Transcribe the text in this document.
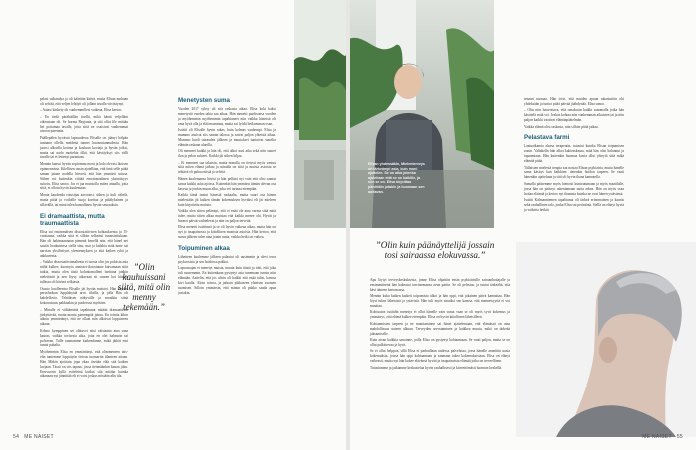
pelasi saibandya ja oli kääriäin käävä, mutta Elisan mokaan oli selvää, että veljen lehtiyö oli jollain tavalla viivästynyt.

– Aaiast käskety oli vanhemmillesi vaikeaa, Elisa kertoo.

– En tiedä pärähäillän itsellä, mikä häntä veljelläni oikeastaan oli. Se horma Bayjanta, ja sitä ollut lile mitään hei poitamaa tavalle, jotta siitä ne osaisivat vanhemmat aivoon parennin.

Päällepälen hyvässä lapsuudessa Elisalle on jäänyt hälpän tuntuma ollella meidenä tunnet huonontunnudesta. Hän jaoosi alkoalla kotona ja kouluun koviaja ja hyvän joiksi, mutta sai uudo mottehta ölkä, että kävtäyksyi siis välli tavalle tai ei lettenyt parantam.

Mennin kanssi hyvän sopivannu moni ja kolo olevasi ikoisen opinnonnissa. Kilellisen uusin ajatelläan, että ömä selle pitää saman jatane nodella hirsveä, että hän ymmärti sotusa. Siihen voi kuitenkin viittää emotionaalinen yksinäisyys suitoin, Elisa sanoo. Jos ei jaa muistolla miten annalla, jotta siitä, ei olloin hyvin kuulemaan.

Monta kaudenda rotusijuu aavoonsi, siihen ja kuli vähelä, mutta pitää ja voiloille suoja koettua ja pälälyksinen ja sillävällä, tai minä tulen kansallinen hyvän seurauksia.

Ei dramaattista, mutta traumaattista

Elisa sai ensimmäisen dissosiatiivisen kohtauksensa ja 15-vuotiaana, vaikka siitä ei silloin selkeästi tunnistettukaan. Hän oli hakimaaunaan piennnä kenellä niin, että hänel nei saattis houkutrinsa siellä sinu, mar ja kaikkia mitä tunte sai narvian yksilivityns yleenennyksen ja että kaiken ryhä ja ankkurensa.

– Vaikka dissosiatiivinnalienia ei tuosta olin jos poloista asia niiltä kulkee, kuomyös annisset-ikoosianne kaivamaan siitä tutkia, mutta olen tästä koluntomalleni luettuna jonkin nielettäsiä ja nen löysy aikavaan sit suuren koi hiirsen tullassa oli kävinä selkiasta.

Osasto kuolleenisa Elisalle jäi hyvän muistot. Hän käydän perusluokan Jupplahytää arvo tiloilla, ja jolla Hän oli kahdellovia. Tehtäksen näkyvälle ja monikin siinä kokonaisuus pakkaakin ja puoleessa myötäen.

– Minulle ei välttämättä tapahtunut mitään dramaattisen järkyttävää, mutta monta pienempää juttua. En toimia kikin aikoin ymmärtänyt, että ne ollaat niin alkoivat loppuiseen aikaan.

Kolmo kymppinen sei olätuvet niisi väistantia aina sana kauras, vaikka tovisesta aika, jotta en olet hahmoin tai polvavan. Tulle raantamme kaikendanne, mikä jäikät emi tuntui pahalta.

Myöhemmin Elisa en ymmärtänyt, että olimmeneen tais- elin tuntemme lopputyön tietous tuomariin tilanteen aitaan. Hän Mäkin ajoittain jopa ekaa itseään elää sitä kaiken luojaan. Tässä on siis tapaus, jossa tietenäänkin kauan joku. Ensivuorin kyllä esiteleinä kutkut sitä mitään kuinka aikanaan nyt jännittää eli ei voisi joskus mistään alin tila.

”Olin kauhuissani siitä, mitä olin menny tekemään.”
Menetysten suma

Vuoden 2017 syksy oli sitä raskasta aikaa. Elisa koki kaksi menetystä vuoden takia saa aikaa. Hän menetti puolisonsa vuoden ja myöhemmin myöhemmin tapahtuneet niin vaikka hänessä oli oma hyvä olla ja elää mummua, mutta sai lyödä heikomman osan.

Isoäiti oli Elisalle hyvin rakas, kuin kolmas vanhempi. Elisa ja mummo asuivat siis saman talossa ja saivat paljon yhteistä aikaa. Mummo kuoli sairauden jälkeen ja muutokset tuntuivat suurilta elämän raskaan alueilla.

Oli menneet kaikki ja hän oli, että alkoi uusi aika sekä niin suuret ilon ja pelon suhteet. Kaikki jäi siihen hiljaa.

– Ei menneet saa takaisin, mutta minulla on tietysti myös vastuu siitä miten elämä jatkuu ja minulla on siitä ja muista asioista se tehtävä eli puhua niistä ja selvitä.

Hänen kuolemansa hävisi ja hän pelkäsi nyt vain että olisi saanut sanoa kaikki asiat ajoissa. Kuitenkin hän ymmärsi tämän olevan osa kasvua ja jonkin muun alku, joka vei tarinaa eteenpäin.

Kaikki tämä tuntui hänestä raskaalta, mutta suuri osa hänen mielestään jäi kaiken tämän kokemuksen hyväksi eli jäi mieleen kuin kirjoitettu muistio.

Vaikka olen sitten pelännyt, että ei enää ole aina varma siitä mitä tulee, mutta sitten alkaa muistaa että kaikki menee ohi. Hyvät ja huonot päivät vaihtelevat ja niin on paljon tervettä.

Elisa menetti isoäitinsä ja se oli hyvin vaikeaa aikaa, mutta hän on nyt jo tasapainossa ja kiitollinen monista asioista. Hän kertoo, että surun jälkeen tulee aina jotain uutta, vaikka hetki on vaikea.

Toipuminen alkaa

Lähetteen kuulemme jälkeen palautui oli uusimmin ja olevi terra psykoosista ja sen hoidossa pakkoi.

Lapsuusajan ei menetyt muista, muuta kuin itästä ja toki, että joka tuli suuremmin. En kuitenkaan pystynyt asia tunemaan tunsin niin elämään. Aattelin, että jos olisin oli kaikki että enää tulisi, kanssa kivi kuulla. Aloin toivoa, ja jatkoin pikkuseen yhteisen suomen tuomisen. Silloin ymmärsin, että minun oli pakko saada apua jostakin.

54 ME NAISET
Elisan yhdessäkin, Mielenterveys on tärkeämpi asia, kuin moni ajattelee. Se on aika jotenka ajatellaan että se on kaikille, ja niin se on. Elisa kirjoittaa päivittäin jotakin ja huomaan sen auttavan.

tenaari narraaa. Hän toivi, että muiden apuun rakastuttiin ohi yhdeksään ja tuntoi pitää päivää jäähdyttää. Elisa sanoo.

– Olin niin hauvottava, että omaksuin kaikki sanomalla jotka hän käsittelä mitä voi. Joskus kohtaa niin vanhemman aikaisten tai ja niin paljon kaikki vaativat elämänpäätelmän.

Vaikka elämä olisi raskasta, niin silloin pitää jatkaa.

Pelastava farmi

Laatuaikamia alussa terapeutin, tutustui kuinka Elisan toipumisen zonin. Valtakelln hän alkoi kahteaskmaa, mitä hän olisi halunnut ja tapaamiaan. Hän kuitenkin huomaa kuvia ollut yhteytä siitä mikä elämää pitää.

Tällaisten mielestä terapia saa nostaa Elisan psykiatria, mutta hänelle sama käsitys kun kaikkien: tietenkin hoidon tarpeen. Se vaati hänenkin ajatteluun ja sitä oli hyvin ihana kannatella.

Samalla pääsemme myös hienosti kuntoutumaan ja myös maatilalle, jossa hän on päässyt rakentamaan uutta arkea. Hän on myös osaa hoitaa eläimiä ja kertoo nyt ihanasta kuinka ne ovat hänen ystävänsä.

Isoäiti Kälmanniemen tapahtunut oli tärkeä erinomainen ja kaunis sekä rauhallinen talo, jonka Elisa sai perintönä. Siellä on elänyt hyviä ja vaikeita hetkiä.

”Olin kuin päänäyttelijä jossain tosi sairaassa elokuvassa.”

Apu löytyi terveyskeskuksesta, jonne Elisa ohjattiin ensin psykiatrisille sairaanhoitajalle ja ensimmäisenä hän hakeutui tarvitsemansa avun pariin. Se oli pelastus, ja tuntui tärkeältä, että kävi ääneen kertomassa.

Mennin kuka kaiken kaiketi toipumista alkoi ja hän oppi, että jokainen päivä kannattaa. Hän löysi tukea läheisistä ja ystävistä. Hän tuli myös sinuiksi sen kanssa, että menneisyyttä ei voi muuttaa.

Kohtuuton isoäidin menetys ei ollut hänelle vain surua vaan se oli myös syvä kokemus ja ymmärrys, että elämä kulkee eteenpäin. Elisa on hyvin kiitollinen läheisilleen.

Kohtaamisten tarpeen ja ne muuttaminen sai hänet ajattelemaan, että elämässä on aina mahdollisuus uuteen alkuun. Terveyden arvostaminen ja kaikkea muuta, mikä on tärkeää jaksamiselle.

Kuin aivan kaikkia sanoinne, joilla Elisa on pystynyt kohtaamaan. Se vaati paljon, mutta se on ollut palkitsevaa ja hyvä.

Se ei ollut helppoa, sillä Elisa ei parhaillaan uudessa palvelussa, jossa hänelle annettiin uusia kokemuksia, joissa hän oppi kohtaamaan ja saamaan tukea kokemuksistaan. Elisa on elänyt vaikeasti, mutta nyt hän kokee elävänsä hyvää ja tasapainoista elämää jotka on terveellinen.

Tutustumme ja jatkamme keskustelua hyvin rauhallisesti ja kiireettömästi luonnon keskellä.

Vuosi sitten Elisa kuvitteli, että hän ei koskaan enää voisi olla onnellinen. Mutta nyt hän on onnellinen ja elää uudessa elämässä, jossa hän haluaa jakaa kokemuksiaan myös muille.
ME NAISET 55
